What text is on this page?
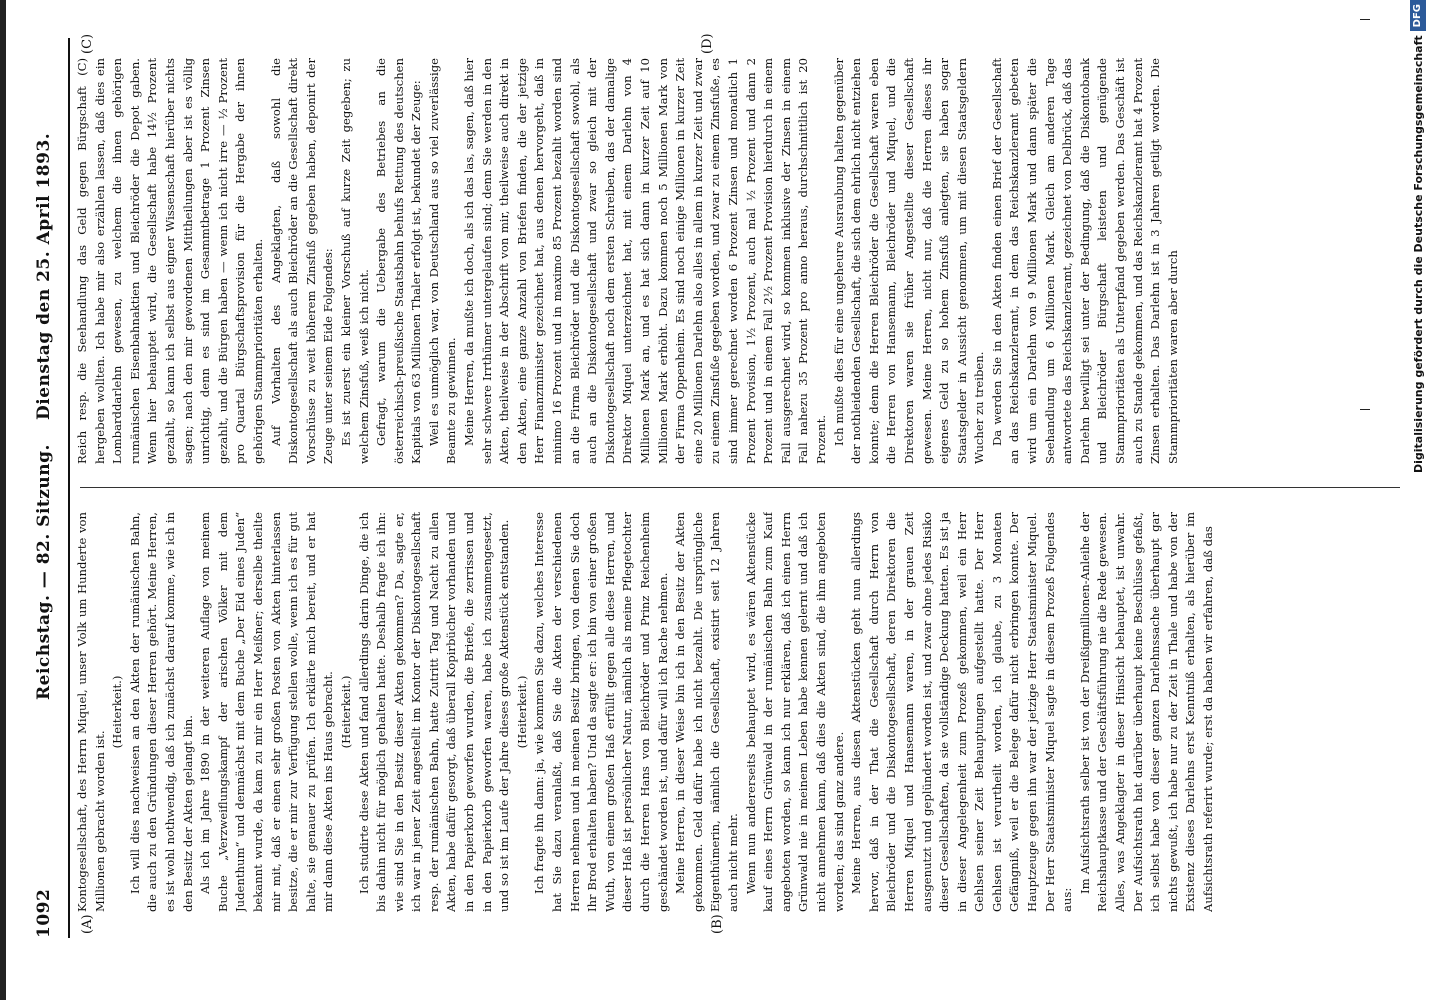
1092
Reichstag. — 82. Sitzung.
Dienstag den 25. April 1893.
(A)	(B)
(C)	(D)

Kontogesellschaft, des Herrn Miquel, unser Volk um Hunderte von Millionen gebracht worden ist.

(Heiterkeit.) Ich will dies nachweisen an den Akten der rumänischen Bahn, die auch zu den Gründungen dieser Herren gehört. Meine Herren, es ist wohl nothwendig, daß ich zunächst darauf komme, wie ich in den Besitz der Akten gelangt bin. Als ich im Jahre 1890 in der weiteren Auflage von meinem Buche „Verzweiflungskampf der arischen Völker mit dem Judenthum“ und demnächst mit dem Buche „Der Eid eines Juden“ bekannt wurde, da kam zu mir ein Herr Meißner; derselbe theilte mir mit, daß er einen sehr großen Posten von Akten hinterlassen besitze, die er mir zur Verfügung stellen wolle, wenn ich es für gut halte, sie genauer zu prüfen. Ich erklärte mich bereit, und er hat mir dann diese Akten ins Haus gebracht. (Heiterkeit.) Ich studirte diese Akten und fand allerdings darin Dinge, die ich bis dahin nicht für möglich gehalten hatte. Deshalb fragte ich ihn: wie sind Sie in den Besitz dieser Akten gekommen? Da, sagte er, ich war in jener Zeit angestellt im Kontor der Diskontogesellschaft resp. der rumänischen Bahn, hatte Zutritt Tag und Nacht zu allen Akten, habe dafür gesorgt, daß überall Kopirbücher vorhanden und in den Papierkorb geworfen wurden, die Briefe, die zerrissen und in den Papierkorb geworfen waren, habe ich zusammengesetzt, und so ist im Laufe der Jahre dieses große Aktenstück entstanden. (Heiterkeit.) Ich fragte ihn dann: ja, wie kommen Sie dazu, welches Interesse hat Sie dazu veranlaßt, daß Sie die Akten der verschiedenen Herren nehmen und in meinen Besitz bringen, von denen Sie doch Ihr Brod erhalten haben? Und da sagte er: ich bin von einer großen Wuth, von einem großen Haß erfüllt gegen alle diese Herren, und dieser Haß ist persönlicher Natur, nämlich als meine Pflegetochter durch die Herren Hans von Bleichröder und Prinz Reichenheim geschändet worden ist, und dafür will ich Rache nehmen. Meine Herren, in dieser Weise bin ich in den Besitz der Akten gekommen. Geld dafür habe ich nicht bezahlt. Die ursprüngliche Eigenthümerin, nämlich die Gesellschaft, existirt seit 12 Jahren auch nicht mehr. Wenn nun andererseits behauptet wird, es wären Aktenstücke kauf eines Herrn Grünwald in der rumänischen Bahn zum Kauf angeboten worden, so kann ich nur erklären, daß ich einen Herrn Grünwald nie in meinem Leben habe kennen gelernt und daß ich nicht annehmen kann, daß dies die Akten sind, die ihm angeboten worden; das sind ganz andere. Meine Herren, aus diesen Aktenstücken geht nun allerdings hervor, daß in der That die Gesellschaft durch Herrn von Bleichröder und die Diskontogesellschaft, deren Direktoren die Herren Miquel und Hansemann waren, in der grauen Zeit ausgenutzt und geplündert worden ist, und zwar ohne jedes Risiko dieser Gesellschaften, da sie vollständige Deckung hatten. Es ist ja in dieser Angelegenheit zum Prozeß gekommen, weil ein Herr Gehlsen seiner Zeit Behauptungen aufgestellt hatte. Der Herr Gehlsen ist verurtheilt worden, ich glaube, zu 3 Monaten Gefängniß, weil er die Belege dafür nicht erbringen konnte. Der Hauptzeuge gegen ihn war der jetzige Herr Staatsminister Miquel. Der Herr Staatsminister Miquel sagte in diesem Prozeß Folgendes aus:

Im Aufsichtsrath selber ist von der Dreißigmillionen-Anleihe der Reichshauptkasse und der Geschäftsführung nie die Rede gewesen. Alles, was Angeklagter in dieser Hinsicht behauptet, ist unwahr. Der Aufsichtsrath hat darüber überhaupt keine Beschlüsse gefaßt, ich selbst habe von dieser ganzen Darlehnssache überhaupt gar nichts gewußt, ich habe nur zu der Zeit in Thale und habe von der Existenz dieses Darlehns erst Kenntniß erhalten, als hierüber im Aufsichtsrath referirt wurde; erst da haben wir erfahren, daß das

Reich resp. die Seehandlung das Geld gegen Bürgschaft (C) hergeben wollten. Ich habe mir also erzählen lassen, daß dies ein Lombarddarlehn gewesen, zu welchem die ihnen gehörigen rumänischen Eisenbahnaktien und Bleichröder die Depot gaben. Wenn hier behauptet wird, die Gesellschaft habe 14½ Prozent gezahlt, so kann ich selbst aus eigner Wissenschaft hierüber nichts sagen; nach den mir gewordenen Mittheilungen aber ist es völlig unrichtig, denn es sind im Gesammtbetrage 1 Prozent Zinsen gezahlt, und die Bürgen haben — wenn ich nicht irre — ½ Prozent pro Quartal Bürgschaftsprovision für die Hergabe der ihnen gehörigen Stammprioritäten erhalten. Auf Vorhalten des Angeklagten, daß sowohl die Diskontogesellschaft als auch Bleichröder an die Gesellschaft direkt Vorschüsse zu weit höherem Zinsfuß gegeben haben, deponirt der Zeuge unter seinem Eide Folgendes: Es ist zuerst ein kleiner Vorschuß auf kurze Zeit gegeben; zu welchem Zinsfuß, weiß ich nicht. Gefragt, warum die Uebergabe des Betriebes an die österreichisch-preußische Staatsbahn behufs Rettung des deutschen Kapitals von 63 Millionen Thaler erfolgt ist, bekundet der Zeuge: Weil es unmöglich war, von Deutschland aus so viel zuverlässige Beamte zu gewinnen. Meine Herren, da mußte ich doch, als ich das las, sagen, daß hier sehr schwere Irrthümer untergelaufen sind; denn Sie werden in den Akten, theilweise in der Abschrift von mir, theilweise auch direkt in den Akten, eine ganze Anzahl von Briefen finden, die der jetzige Herr Finanzminister gezeichnet hat, aus denen hervorgeht, daß in minimo 16 Prozent und in maximo 85 Prozent bezahlt worden sind an die Firma Bleichröder und die Diskontogesellschaft sowohl, als auch an die Diskontogesellschaft und zwar so gleich mit der Diskontogesellschaft noch dem ersten Schreiben, das der damalige Direktor Miquel unterzeichnet hat, mit einem Darlehn von 4 Millionen Mark an, und es hat sich dann in kurzer Zeit auf 10 Millionen Mark erhöht. Dazu kommen noch 5 Millionen Mark von der Firma Oppenheim. Es sind noch einige Millionen in kurzer Zeit eine 20 Millionen Darlehn also alles in allem in kurzer Zeit und zwar zu einem Zinsfuße gegeben worden, und zwar zu einem Zinsfuße, es sind immer gerechnet worden 6 Prozent Zinsen und monatlich 1 Prozent Provision, 1½ Prozent, auch mal ½ Prozent und dann 2 Prozent und in einem Fall 2½ Prozent Provision hierdurch in einem Fall ausgerechnet wird, so kommen inklusive der Zinsen in einem Fall nahezu 35 Prozent pro anno heraus, durchschnittlich ist 20 Prozent. Ich mußte dies für eine ungeheure Ausraubung halten gegenüber der nothleidenden Gesellschaft, die sich dem ehrlich nicht entziehen konnte; denn die Herren Bleichröder die Gesellschaft waren eben die Herren von Hansemann, Bleichröder und Miquel, und die Direktoren waren sie früher Angestellte dieser Gesellschaft gewesen. Meine Herren, nicht nur, daß die Herren dieses ihr eigenes Geld zu so hohem Zinsfuß anlegten, sie haben sogar Staatsgelder in Aussicht genommen, um mit diesen Staatsgeldern Wucher zu treiben. Da werden Sie in den Akten finden einen Brief der Gesellschaft an das Reichskanzleramt, in dem das Reichskanzleramt gebeten wird um ein Darlehn von 9 Millionen Mark und dann später die Seehandlung um 6 Millionen Mark. Gleich am anderen Tage antwortete das Reichskanzleramt, gezeichnet von Delbrück, daß das Darlehn bewilligt sei unter der Bedingung, daß die Diskontobank und Bleichröder Bürgschaft leisteten und genügende Stammprioritäten als Unterpfand gegeben werden. Das Geschäft ist auch zu Stande gekommen, und das Reichskanzleramt hat 4 Prozent Zinsen erhalten. Das Darlehn ist in 3 Jahren getilgt worden. Die Stammprioritäten waren aber durch	Digitalisierung gefördert durch die Deutsche Forschungsgemeinschaft
DFG
